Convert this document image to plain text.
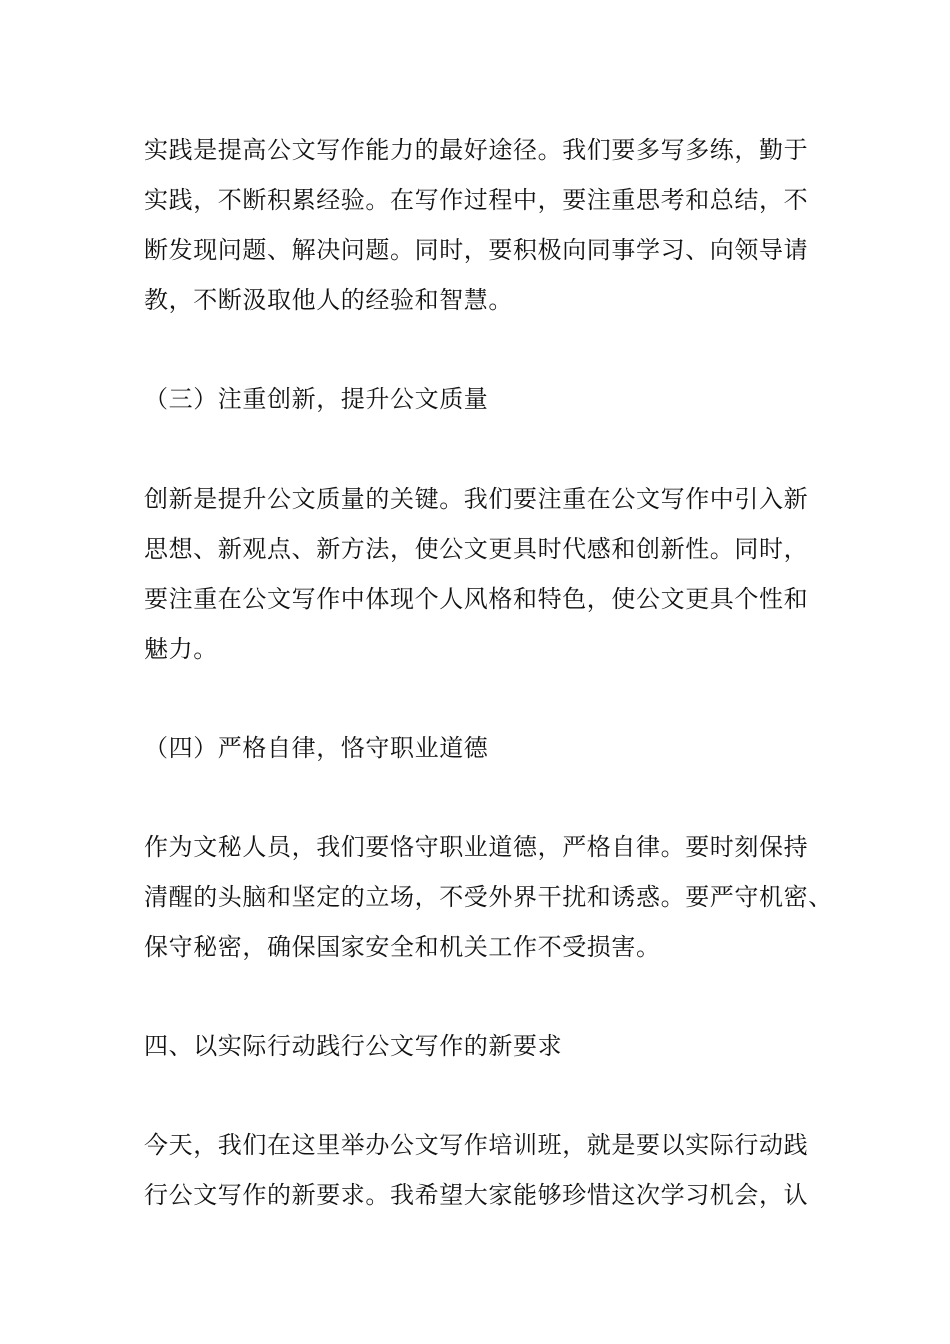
实践是提高公文写作能力的最好途径。我们要多写多练，勤于
实践，不断积累经验。在写作过程中，要注重思考和总结，不
断发现问题、解决问题。同时，要积极向同事学习、向领导请
教，不断汲取他人的经验和智慧。
（三）注重创新，提升公文质量
创新是提升公文质量的关键。我们要注重在公文写作中引入新
思想、新观点、新方法，使公文更具时代感和创新性。同时，
要注重在公文写作中体现个人风格和特色，使公文更具个性和
魅力。
（四）严格自律，恪守职业道德
作为文秘人员，我们要恪守职业道德，严格自律。要时刻保持
清醒的头脑和坚定的立场，不受外界干扰和诱惑。要严守机密、
保守秘密，确保国家安全和机关工作不受损害。
四、以实际行动践行公文写作的新要求
今天，我们在这里举办公文写作培训班，就是要以实际行动践
行公文写作的新要求。我希望大家能够珍惜这次学习机会，认
